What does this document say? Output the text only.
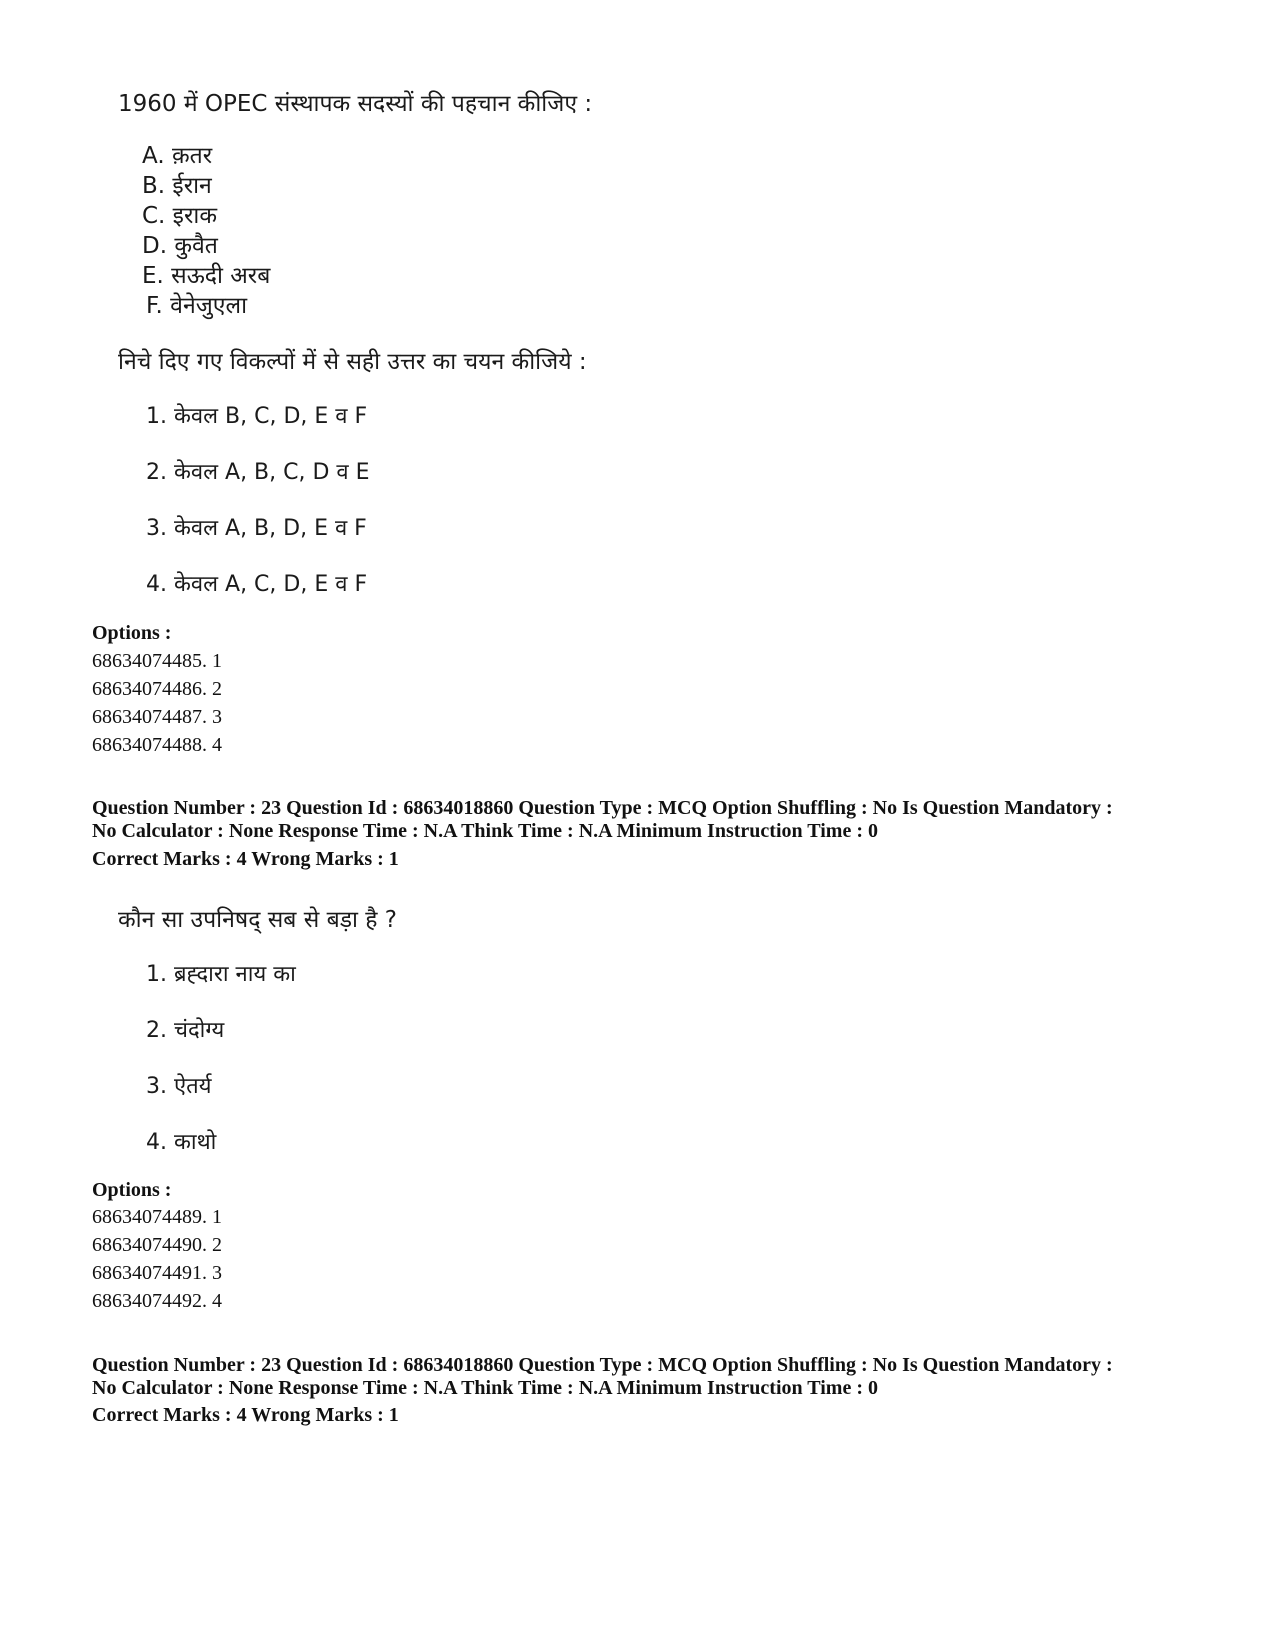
1960 में OPEC संस्थापक सदस्यों की पहचान कीजिए :
A. क़तर
B. ईरान
C. इराक
D. कुवैत
E. सऊदी अरब
F. वेनेजुएला
निचे दिए गए विकल्पों में से सही उत्तर का चयन कीजिये :
1. केवल B, C, D, E व F
2. केवल A, B, C, D व E
3. केवल A, B, D, E व F
4. केवल A, C, D, E व F
Options :
68634074485. 1
68634074486. 2
68634074487. 3
68634074488. 4
Question Number : 23 Question Id : 68634018860 Question Type : MCQ Option Shuffling : No Is Question Mandatory :
No Calculator : None Response Time : N.A Think Time : N.A Minimum Instruction Time : 0
Correct Marks : 4 Wrong Marks : 1
कौन सा उपनिषद् सब से बड़ा है ?
1. ब्रह्दारा नाय का
2. चंदोग्य
3. ऐतर्य
4. काथो
Options :
68634074489. 1
68634074490. 2
68634074491. 3
68634074492. 4
Question Number : 23 Question Id : 68634018860 Question Type : MCQ Option Shuffling : No Is Question Mandatory :
No Calculator : None Response Time : N.A Think Time : N.A Minimum Instruction Time : 0
Correct Marks : 4 Wrong Marks : 1
